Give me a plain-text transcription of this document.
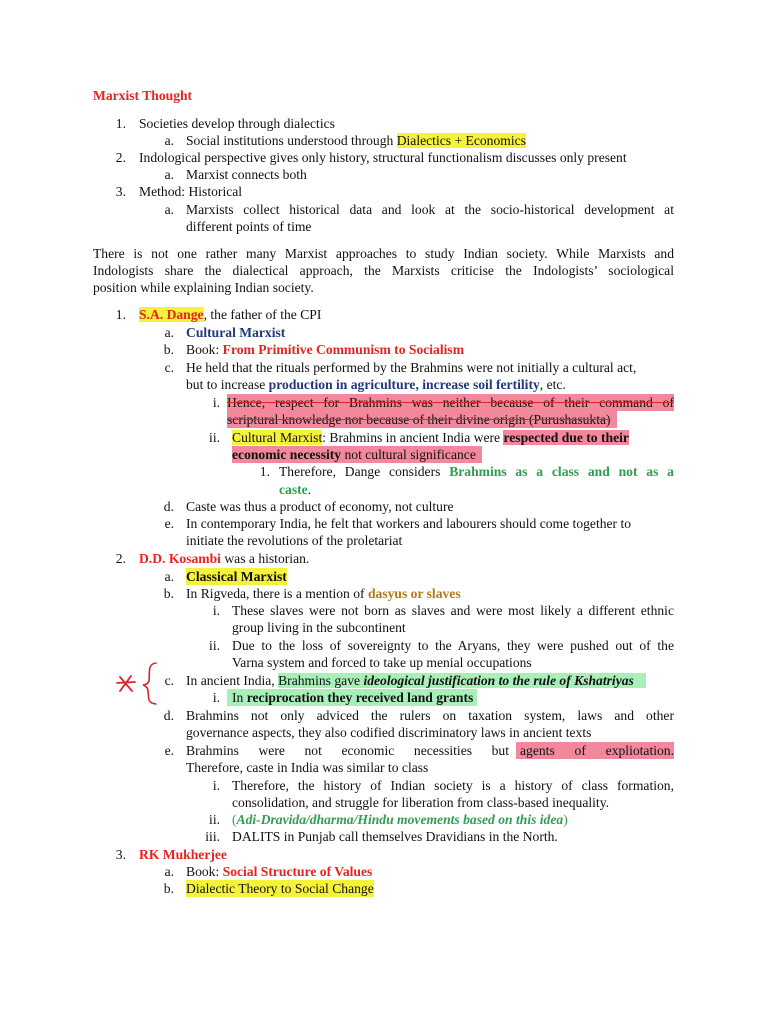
Marxist Thought
1. Societies develop through dialectics
a. Social institutions understood through Dialectics + Economics
2. Indological perspective gives only history, structural functionalism discusses only present
a. Marxist connects both
3. Method: Historical
a. Marxists collect historical data and look at the socio-historical development at
different points of time
There is not one rather many Marxist approaches to study Indian society. While Marxists and
Indologists share the dialectical approach, the Marxists criticise the Indologists’ sociological
position while explaining Indian society.
1. S.A. Dange, the father of the CPI
a. Cultural Marxist
b. Book: From Primitive Communism to Socialism
c. He held that the rituals performed by the Brahmins were not initially a cultural act,
but to increase production in agriculture, increase soil fertility, etc.
i. Hence, respect for Brahmins was neither because of their command of
scriptural knowledge nor because of their divine origin (Purushasukta)
ii. Cultural Marxist: Brahmins in ancient India were respected due to their
economic necessity not cultural significance
1. Therefore, Dange considers Brahmins as a class and not as a
caste.
d. Caste was thus a product of economy, not culture
e. In contemporary India, he felt that workers and labourers should come together to
initiate the revolutions of the proletariat
2. D.D. Kosambi was a historian.
a. Classical Marxist
b. In Rigveda, there is a mention of dasyus or slaves
i. These slaves were not born as slaves and were most likely a different ethnic
group living in the subcontinent
ii. Due to the loss of sovereignty to the Aryans, they were pushed out of the
Varna system and forced to take up menial occupations
c. In ancient India, Brahmins gave ideological justification to the rule of Kshatriyas
i. In reciprocation they received land grants
d. Brahmins not only adviced the rulers on taxation system, laws and other
governance aspects, they also codified discriminatory laws in ancient texts
e. Brahmins were not economic necessities but agents of expliotation.
Therefore, caste in India was similar to class
i. Therefore, the history of Indian society is a history of class formation,
consolidation, and struggle for liberation from class-based inequality.
ii. (Adi-Dravida/dharma/Hindu movements based on this idea)
iii. DALITS in Punjab call themselves Dravidians in the North.
3. RK Mukherjee
a. Book: Social Structure of Values
b. Dialectic Theory to Social Change
